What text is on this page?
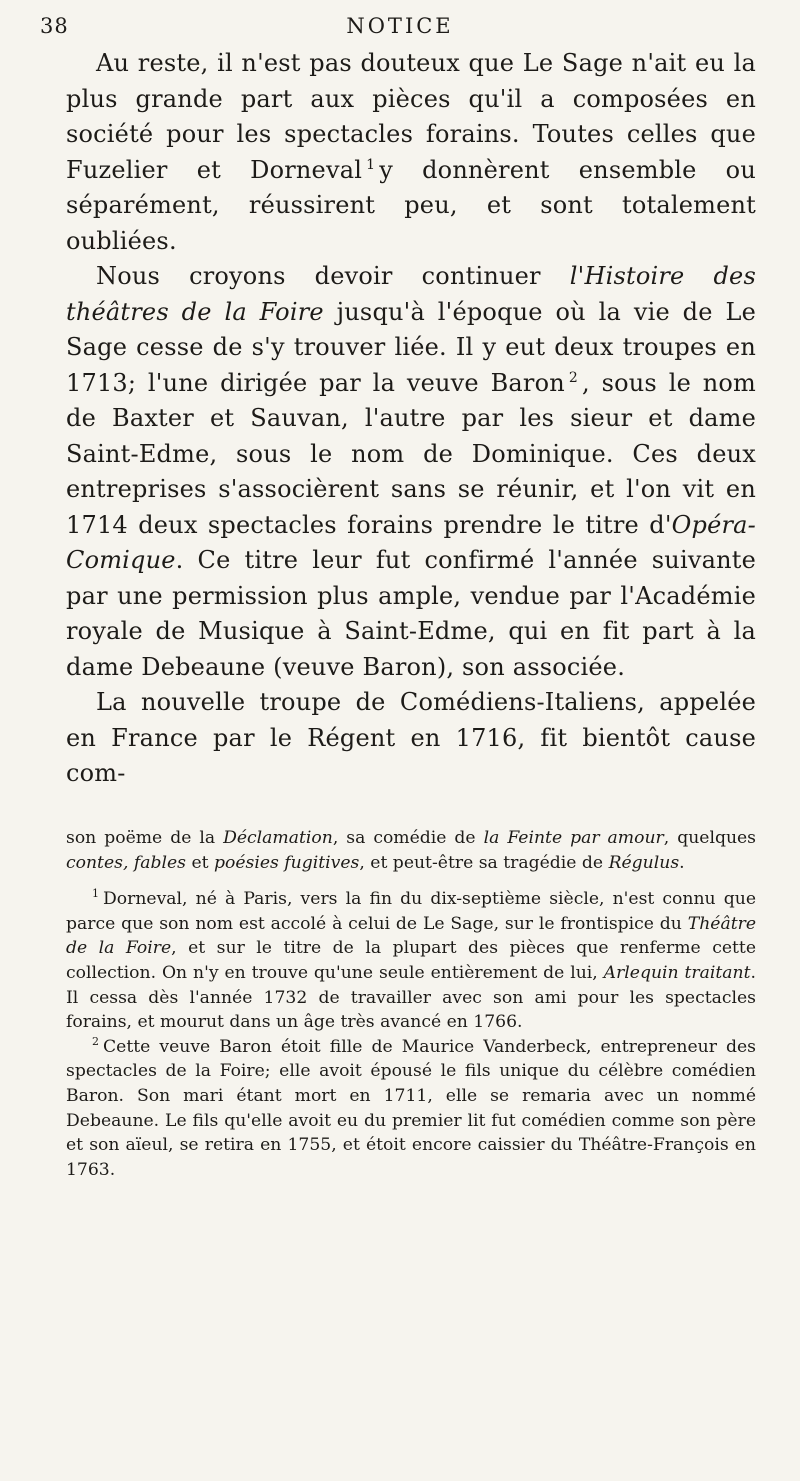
38	NOTICE

Au reste, il n'est pas douteux que Le Sage n'ait eu la plus grande part aux pièces qu'il a composées en société pour les spectacles forains. Toutes celles que Fuzelier et Dorneval $^1$ y donnèrent ensemble ou séparément, réussirent peu, et sont totalement oubliées.

Nous croyons devoir continuer l'Histoire des théâtres de la Foire jusqu'à l'époque où la vie de Le Sage cesse de s'y trouver liée. Il y eut deux troupes en 1713; l'une dirigée par la veuve Baron $^2$ , sous le nom de Baxter et Sauvan, l'autre par les sieur et dame Saint-Edme, sous le nom de Dominique. Ces deux entreprises s'associèrent sans se réunir, et l'on vit en 1714 deux spectacles forains prendre le titre d'Opéra-Comique. Ce titre leur fut confirmé l'année suivante par une permission plus ample, vendue par l'Académie royale de Musique à Saint-Edme, qui en fit part à la dame Debeaune (veuve Baron), son associée.

La nouvelle troupe de Comédiens-Italiens, appelée en France par le Régent en 1716, fit bientôt cause com-

son poëme de la Déclamation, sa comédie de la Feinte par amour, quelques contes, fables et poésies fugitives, et peut-être sa tragédie de Régulus.

$^1$ Dorneval, né à Paris, vers la fin du dix-septième siècle, n'est connu que parce que son nom est accolé à celui de Le Sage, sur le frontispice du Théâtre de la Foire, et sur le titre de la plupart des pièces que renferme cette collection. On n'y en trouve qu'une seule entièrement de lui, Arlequin traitant. Il cessa dès l'année 1732 de travailler avec son ami pour les spectacles forains, et mourut dans un âge très avancé en 1766.

$^2$ Cette veuve Baron étoit fille de Maurice Vanderbeck, entrepreneur des spectacles de la Foire; elle avoit épousé le fils unique du célèbre comédien Baron. Son mari étant mort en 1711, elle se remaria avec un nommé Debeaune. Le fils qu'elle avoit eu du premier lit fut comédien comme son père et son aïeul, se retira en 1755, et étoit encore caissier du Théâtre-François en 1763.
